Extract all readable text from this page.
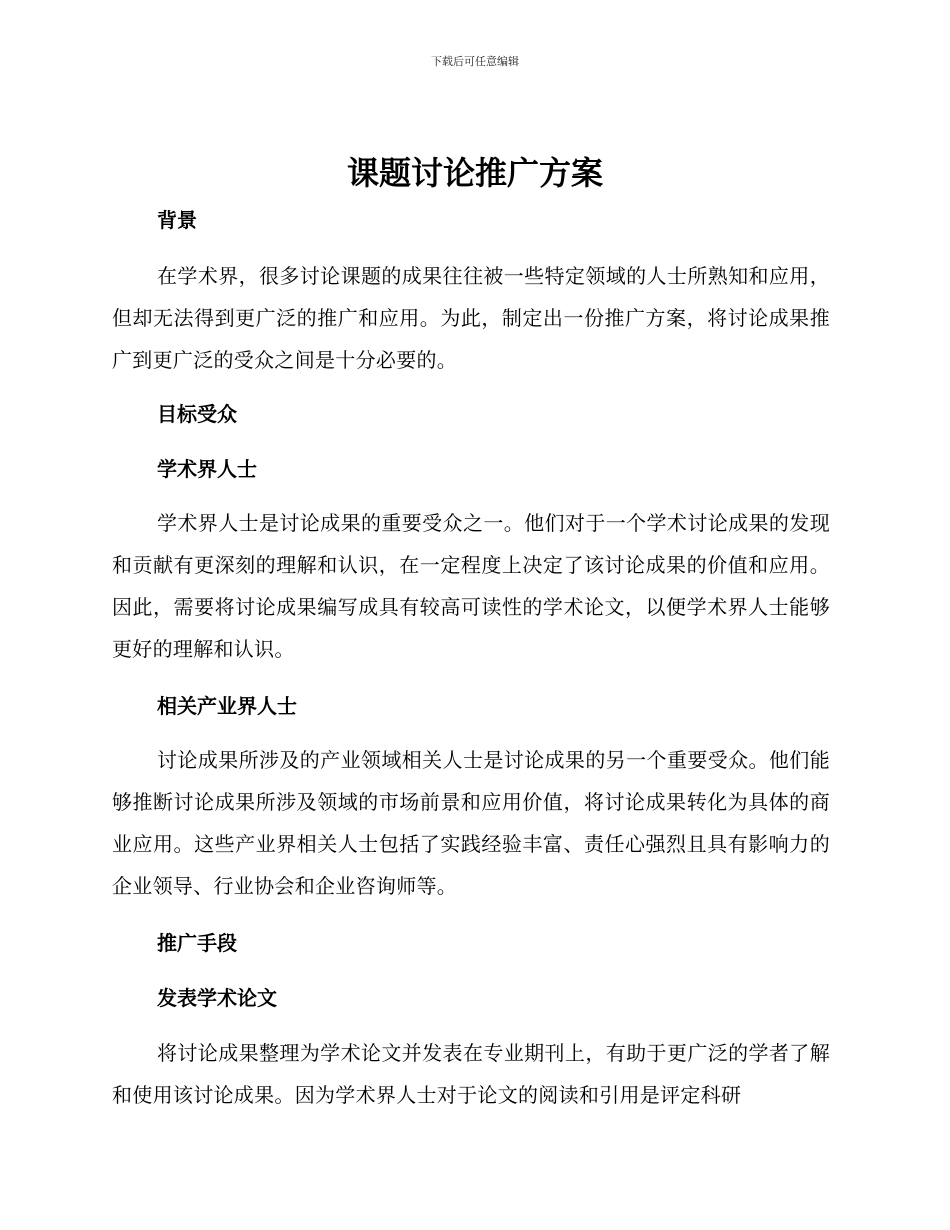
下载后可任意编辑
课题讨论推广方案
背景

在学术界，很多讨论课题的成果往往被一些特定领域的人士所熟知和应用，但却无法得到更广泛的推广和应用。为此，制定出一份推广方案，将讨论成果推广到更广泛的受众之间是十分必要的。

目标受众
学术界人士

学术界人士是讨论成果的重要受众之一。他们对于一个学术讨论成果的发现和贡献有更深刻的理解和认识，在一定程度上决定了该讨论成果的价值和应用。因此，需要将讨论成果编写成具有较高可读性的学术论文，以便学术界人士能够更好的理解和认识。

相关产业界人士

讨论成果所涉及的产业领域相关人士是讨论成果的另一个重要受众。他们能够推断讨论成果所涉及领域的市场前景和应用价值，将讨论成果转化为具体的商业应用。这些产业界相关人士包括了实践经验丰富、责任心强烈且具有影响力的企业领导、行业协会和企业咨询师等。

推广手段
发表学术论文

将讨论成果整理为学术论文并发表在专业期刊上，有助于更广泛的学者了解和使用该讨论成果。因为学术界人士对于论文的阅读和引用是评定科研
